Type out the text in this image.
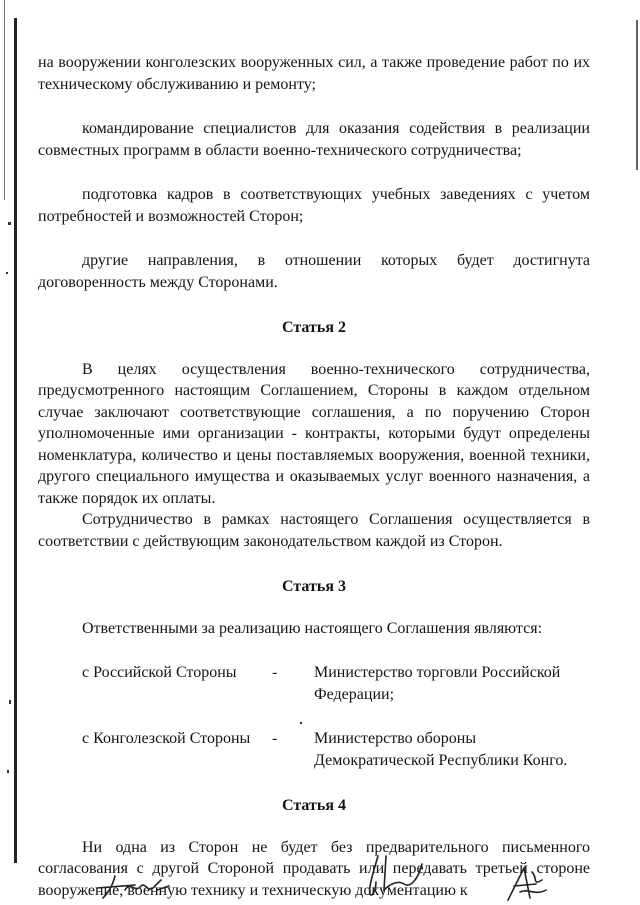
на вооружении конголезских вооруженных сил, а также проведение работ по их техническому обслуживанию и ремонту;

командирование специалистов для оказания содействия в реализации совместных программ в области военно-технического сотрудничества;

подготовка кадров в соответствующих учебных заведениях с учетом потребностей и возможностей Сторон;

другие направления, в отношении которых будет достигнута договоренность между Сторонами.

Статья 2

В целях осуществления военно-технического сотрудничества, предусмотренного настоящим Соглашением, Стороны в каждом отдельном случае заключают соответствующие соглашения, а по поручению Сторон уполномоченные ими организации - контракты, которыми будут определены номенклатура, количество и цены поставляемых вооружения, военной техники, другого специального имущества и оказываемых услуг военного назначения, а также порядок их оплаты.

Сотрудничество в рамках настоящего Соглашения осуществляется в соответствии с действующим законодательством каждой из Сторон.

Статья 3

Ответственными за реализацию настоящего Соглашения являются:

с Российской Стороны	-	Министерство торговли Российской Федерации;
с Конголезской Стороны	-	Министерство обороны Демократической Республики Конго.
Статья 4

Ни одна из Сторон не будет без предварительного письменного согласования с другой Стороной продавать или передавать третьей стороне вооружение, военную технику и техническую документацию к
